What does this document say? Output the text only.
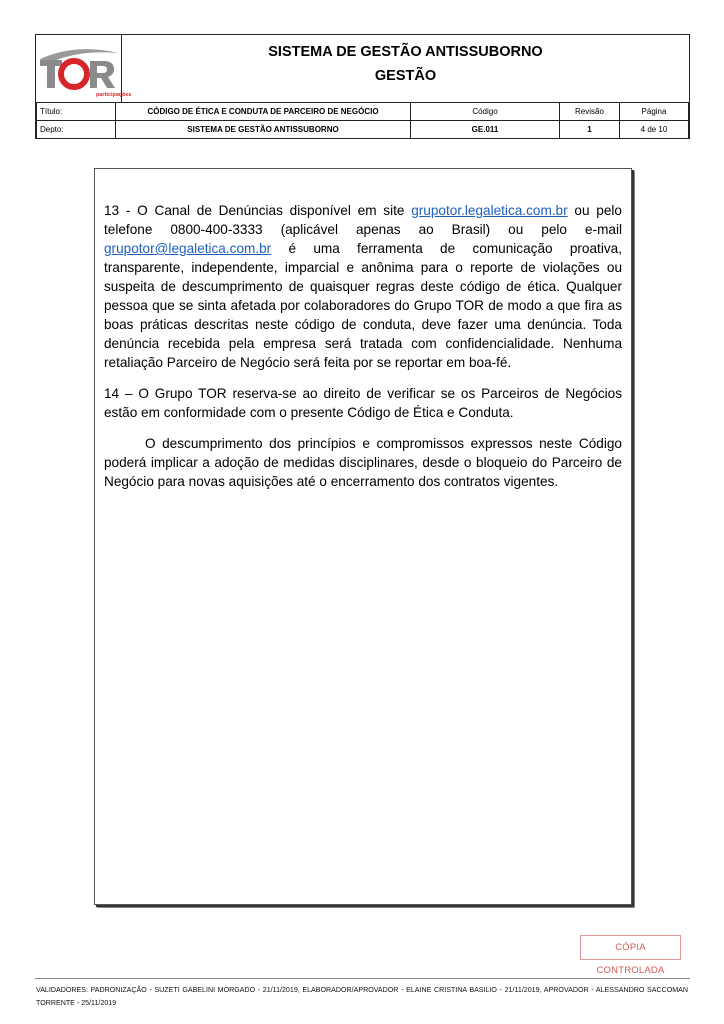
participações
SISTEMA DE GESTÃO ANTISSUBORNO
GESTÃO
Título:	CÓDIGO DE ÉTICA E CONDUTA DE PARCEIRO DE NEGÓCIO	Código	Revisão	Página
Depto:	SISTEMA DE GESTÃO ANTISSUBORNO	GE.011	1	4 de 10

13 - O Canal de Denúncias disponível em site grupotor.legaletica.com.br ou pelo telefone 0800-400-3333 (aplicável apenas ao Brasil) ou pelo e-mail grupotor@legaletica.com.br é uma ferramenta de comunicação proativa, transparente, independente, imparcial e anônima para o reporte de violações ou suspeita de descumprimento de quaisquer regras deste código de ética. Qualquer pessoa que se sinta afetada por colaboradores do Grupo TOR de modo a que fira as boas práticas descritas neste código de conduta, deve fazer uma denúncia. Toda denúncia recebida pela empresa será tratada com confidencialidade. Nenhuma retaliação Parceiro de Negócio será feita por se reportar em boa-fé.

14 – O Grupo TOR reserva-se ao direito de verificar se os Parceiros de Negócios estão em conformidade com o presente Código de Ética e Conduta.

O descumprimento dos princípios e compromissos expressos neste Código poderá implicar a adoção de medidas disciplinares, desde o bloqueio do Parceiro de Negócio para novas aquisições até o encerramento dos contratos vigentes.

CÓPIA CONTROLADA
VALIDADORES: PADRONIZAÇÃO - SUZETI GABELINI MORGADO - 21/11/2019, ELABORADOR/APROVADOR - ELAINE CRISTINA BASILIO - 21/11/2019, APROVADOR - ALESSANDRO SACCOMAN TORRENTE - 25/11/2019
